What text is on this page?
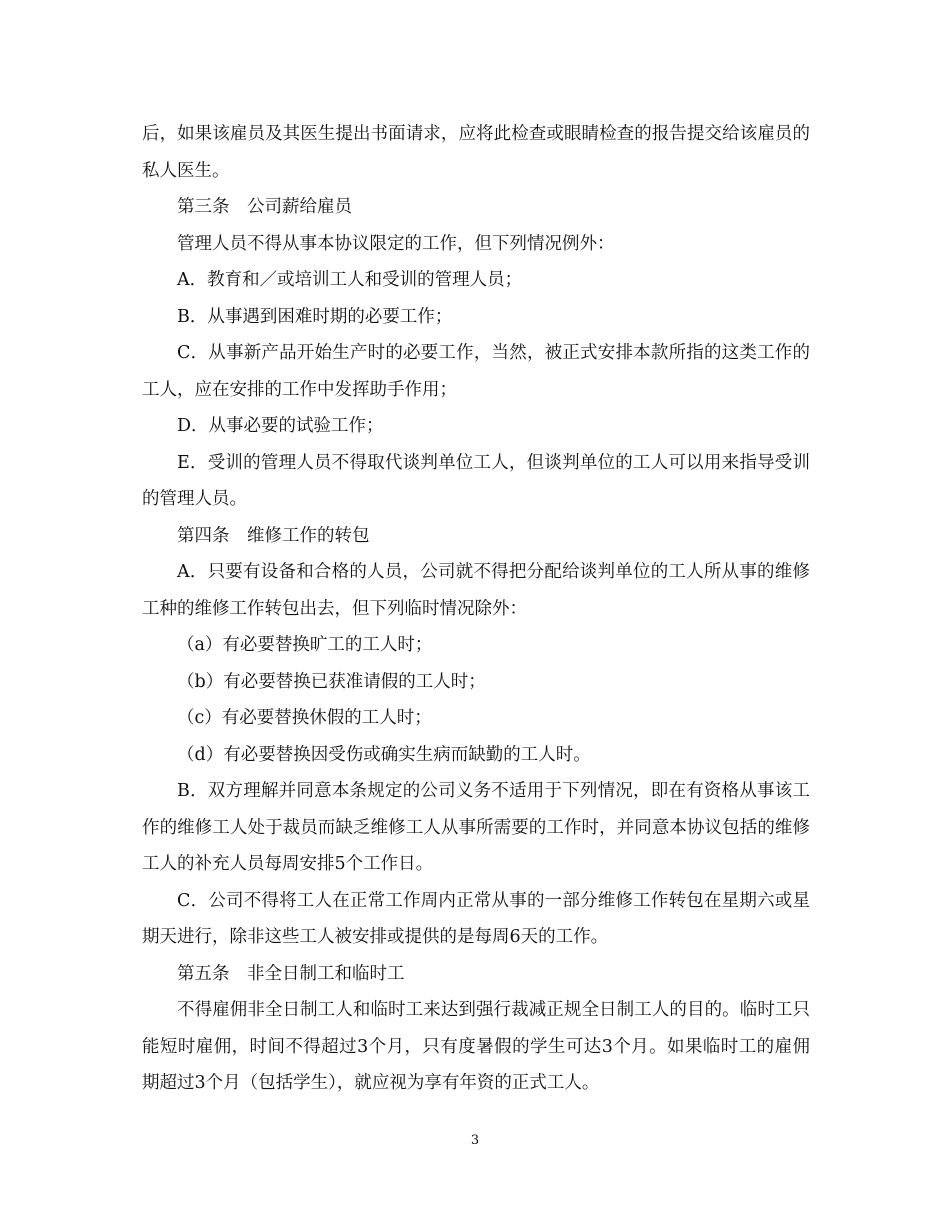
后，如果该雇员及其医生提出书面请求，应将此检查或眼睛检查的报告提交给该雇员的私人医生。

第三条　公司薪给雇员

管理人员不得从事本协议限定的工作，但下列情况例外：

A．教育和／或培训工人和受训的管理人员；

B．从事遇到困难时期的必要工作；

C．从事新产品开始生产时的必要工作，当然，被正式安排本款所指的这类工作的工人，应在安排的工作中发挥助手作用；

D．从事必要的试验工作；

E．受训的管理人员不得取代谈判单位工人，但谈判单位的工人可以用来指导受训的管理人员。

第四条　维修工作的转包

A．只要有设备和合格的人员，公司就不得把分配给谈判单位的工人所从事的维修工种的维修工作转包出去，但下列临时情况除外：

（a）有必要替换旷工的工人时；

（b）有必要替换已获准请假的工人时；

（c）有必要替换休假的工人时；

（d）有必要替换因受伤或确实生病而缺勤的工人时。

B．双方理解并同意本条规定的公司义务不适用于下列情况，即在有资格从事该工作的维修工人处于裁员而缺乏维修工人从事所需要的工作时，并同意本协议包括的维修工人的补充人员每周安排5个工作日。

C．公司不得将工人在正常工作周内正常从事的一部分维修工作转包在星期六或星期天进行，除非这些工人被安排或提供的是每周6天的工作。

第五条　非全日制工和临时工

不得雇佣非全日制工人和临时工来达到强行裁减正规全日制工人的目的。临时工只能短时雇佣，时间不得超过3个月，只有度暑假的学生可达3个月。如果临时工的雇佣期超过3个月（包括学生），就应视为享有年资的正式工人。

3
